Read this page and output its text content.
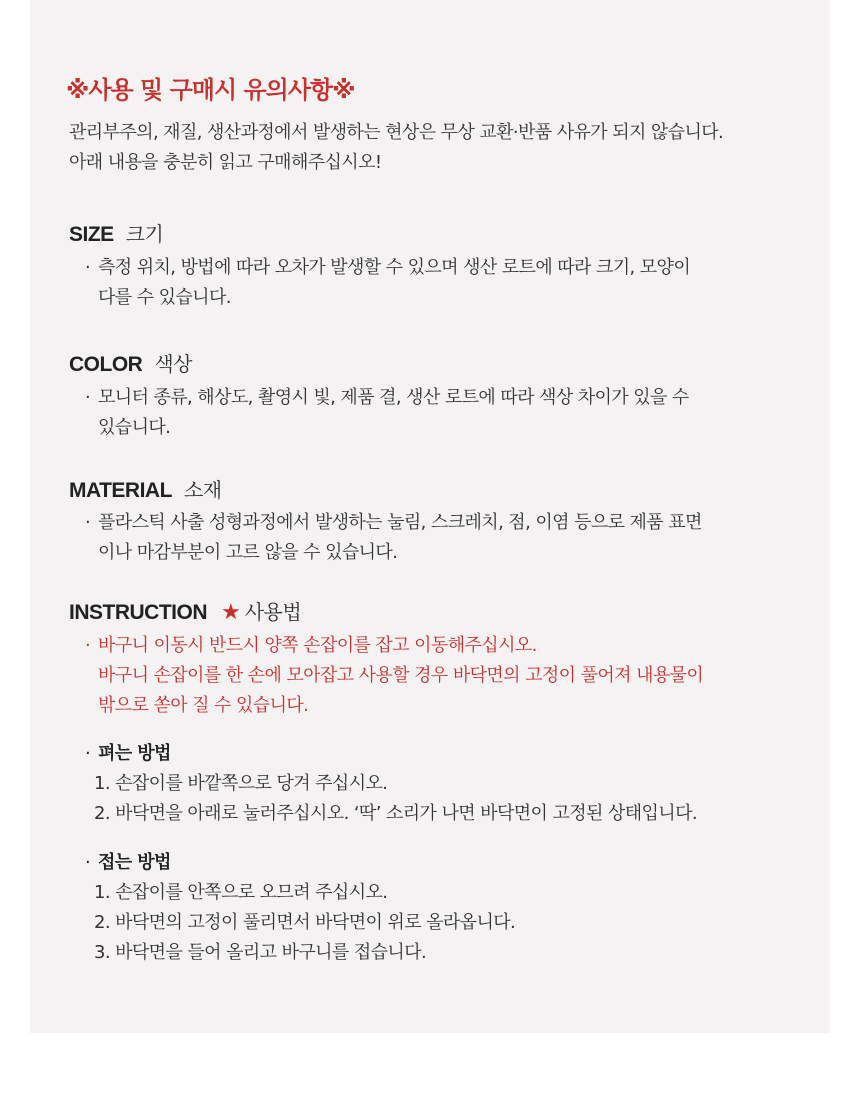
※사용 및 구매시 유의사항※
관리부주의, 재질, 생산과정에서 발생하는 현상은 무상 교환·반품 사유가 되지 않습니다.
아래 내용을 충분히 읽고 구매해주십시오!
SIZE 크기
· 측정 위치, 방법에 따라 오차가 발생할 수 있으며 생산 로트에 따라 크기, 모양이
다를 수 있습니다.
COLOR 색상
· 모니터 종류, 해상도, 촬영시 빛, 제품 결, 생산 로트에 따라 색상 차이가 있을 수
있습니다.
MATERIAL 소재
· 플라스틱 사출 성형과정에서 발생하는 눌림, 스크레치, 점, 이염 등으로 제품 표면
이나 마감부분이 고르 않을 수 있습니다.
INSTRUCTION ★ 사용법
· 바구니 이동시 반드시 양쪽 손잡이를 잡고 이동해주십시오.
바구니 손잡이를 한 손에 모아잡고 사용할 경우 바닥면의 고정이 풀어져 내용물이
밖으로 쏟아 질 수 있습니다.
· 펴는 방법
1. 손잡이를 바깥쪽으로 당겨 주십시오.
2. 바닥면을 아래로 눌러주십시오. ‘딱’ 소리가 나면 바닥면이 고정된 상태입니다.
· 접는 방법
1. 손잡이를 안쪽으로 오므려 주십시오.
2. 바닥면의 고정이 풀리면서 바닥면이 위로 올라옵니다.
3. 바닥면을 들어 올리고 바구니를 접습니다.
